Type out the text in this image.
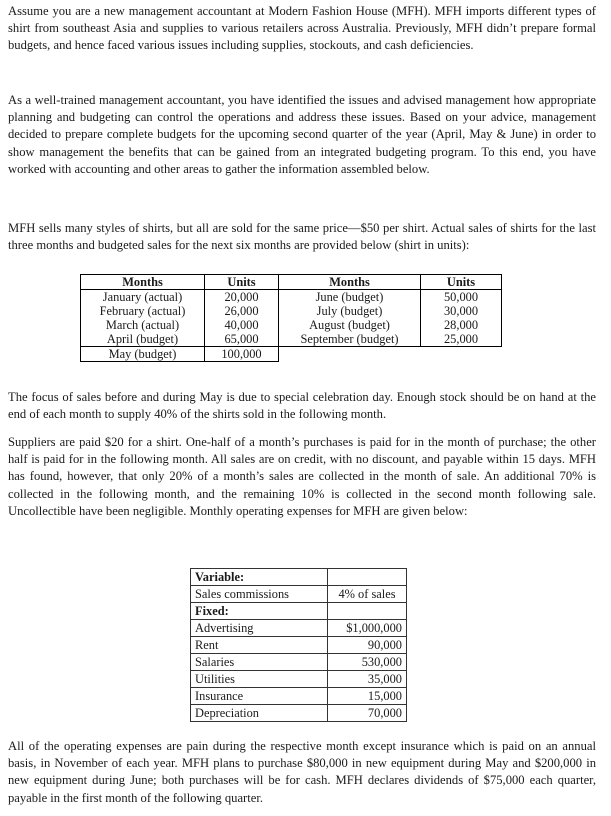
Assume you are a new management accountant at Modern Fashion House (MFH). MFH imports different types of shirt from southeast Asia and supplies to various retailers across Australia. Previously, MFH didn’t prepare formal budgets, and hence faced various issues including supplies, stockouts, and cash deficiencies.

As a well-trained management accountant, you have identified the issues and advised management how appropriate planning and budgeting can control the operations and address these issues. Based on your advice, management decided to prepare complete budgets for the upcoming second quarter of the year (April, May & June) in order to show management the benefits that can be gained from an integrated budgeting program. To this end, you have worked with accounting and other areas to gather the information assembled below.

MFH sells many styles of shirts, but all are sold for the same price—$50 per shirt. Actual sales of shirts for the last three months and budgeted sales for the next six months are provided below (shirt in units):

Months	Units	Months	Units
January (actual)	20,000	June (budget)	50,000
February (actual)	26,000	July (budget)	30,000
March (actual)	40,000	August (budget)	28,000
April (budget)	65,000	September (budget)	25,000
May (budget)	100,000		

The focus of sales before and during May is due to special celebration day. Enough stock should be on hand at the end of each month to supply 40% of the shirts sold in the following month.

Suppliers are paid $20 for a shirt. One-half of a month’s purchases is paid for in the month of purchase; the other half is paid for in the following month. All sales are on credit, with no discount, and payable within 15 days. MFH has found, however, that only 20% of a month’s sales are collected in the month of sale. An additional 70% is collected in the following month, and the remaining 10% is collected in the second month following sale. Uncollectible have been negligible. Monthly operating expenses for MFH are given below:

Variable:	
Sales commissions	4% of sales
Fixed:	
Advertising	$1,000,000
Rent	90,000
Salaries	530,000
Utilities	35,000
Insurance	15,000
Depreciation	70,000

All of the operating expenses are pain during the respective month except insurance which is paid on an annual basis, in November of each year. MFH plans to purchase $80,000 in new equipment during May and $200,000 in new equipment during June; both purchases will be for cash. MFH declares dividends of $75,000 each quarter, payable in the first month of the following quarter.
